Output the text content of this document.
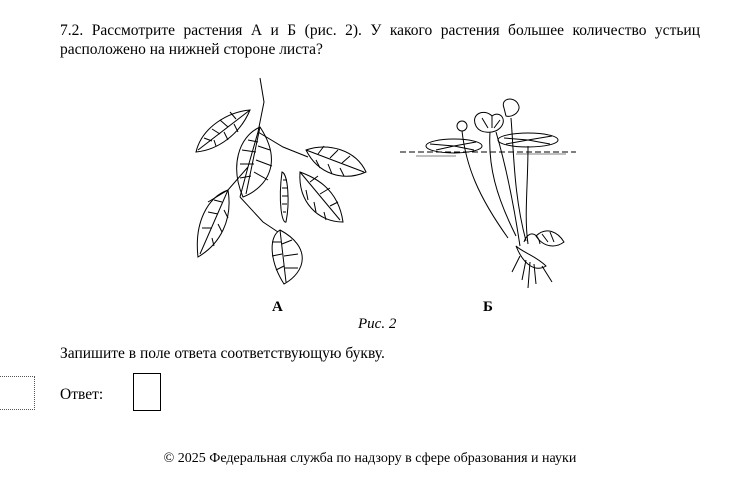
7.2. Рассмотрите растения А и Б (рис. 2). У какого растения большее количество устьиц расположено на нижней стороне листа?
А	Б
Рис. 2
Запишите в поле ответа соответствующую букву.
Ответ:
© 2025 Федеральная служба по надзору в сфере образования и науки
